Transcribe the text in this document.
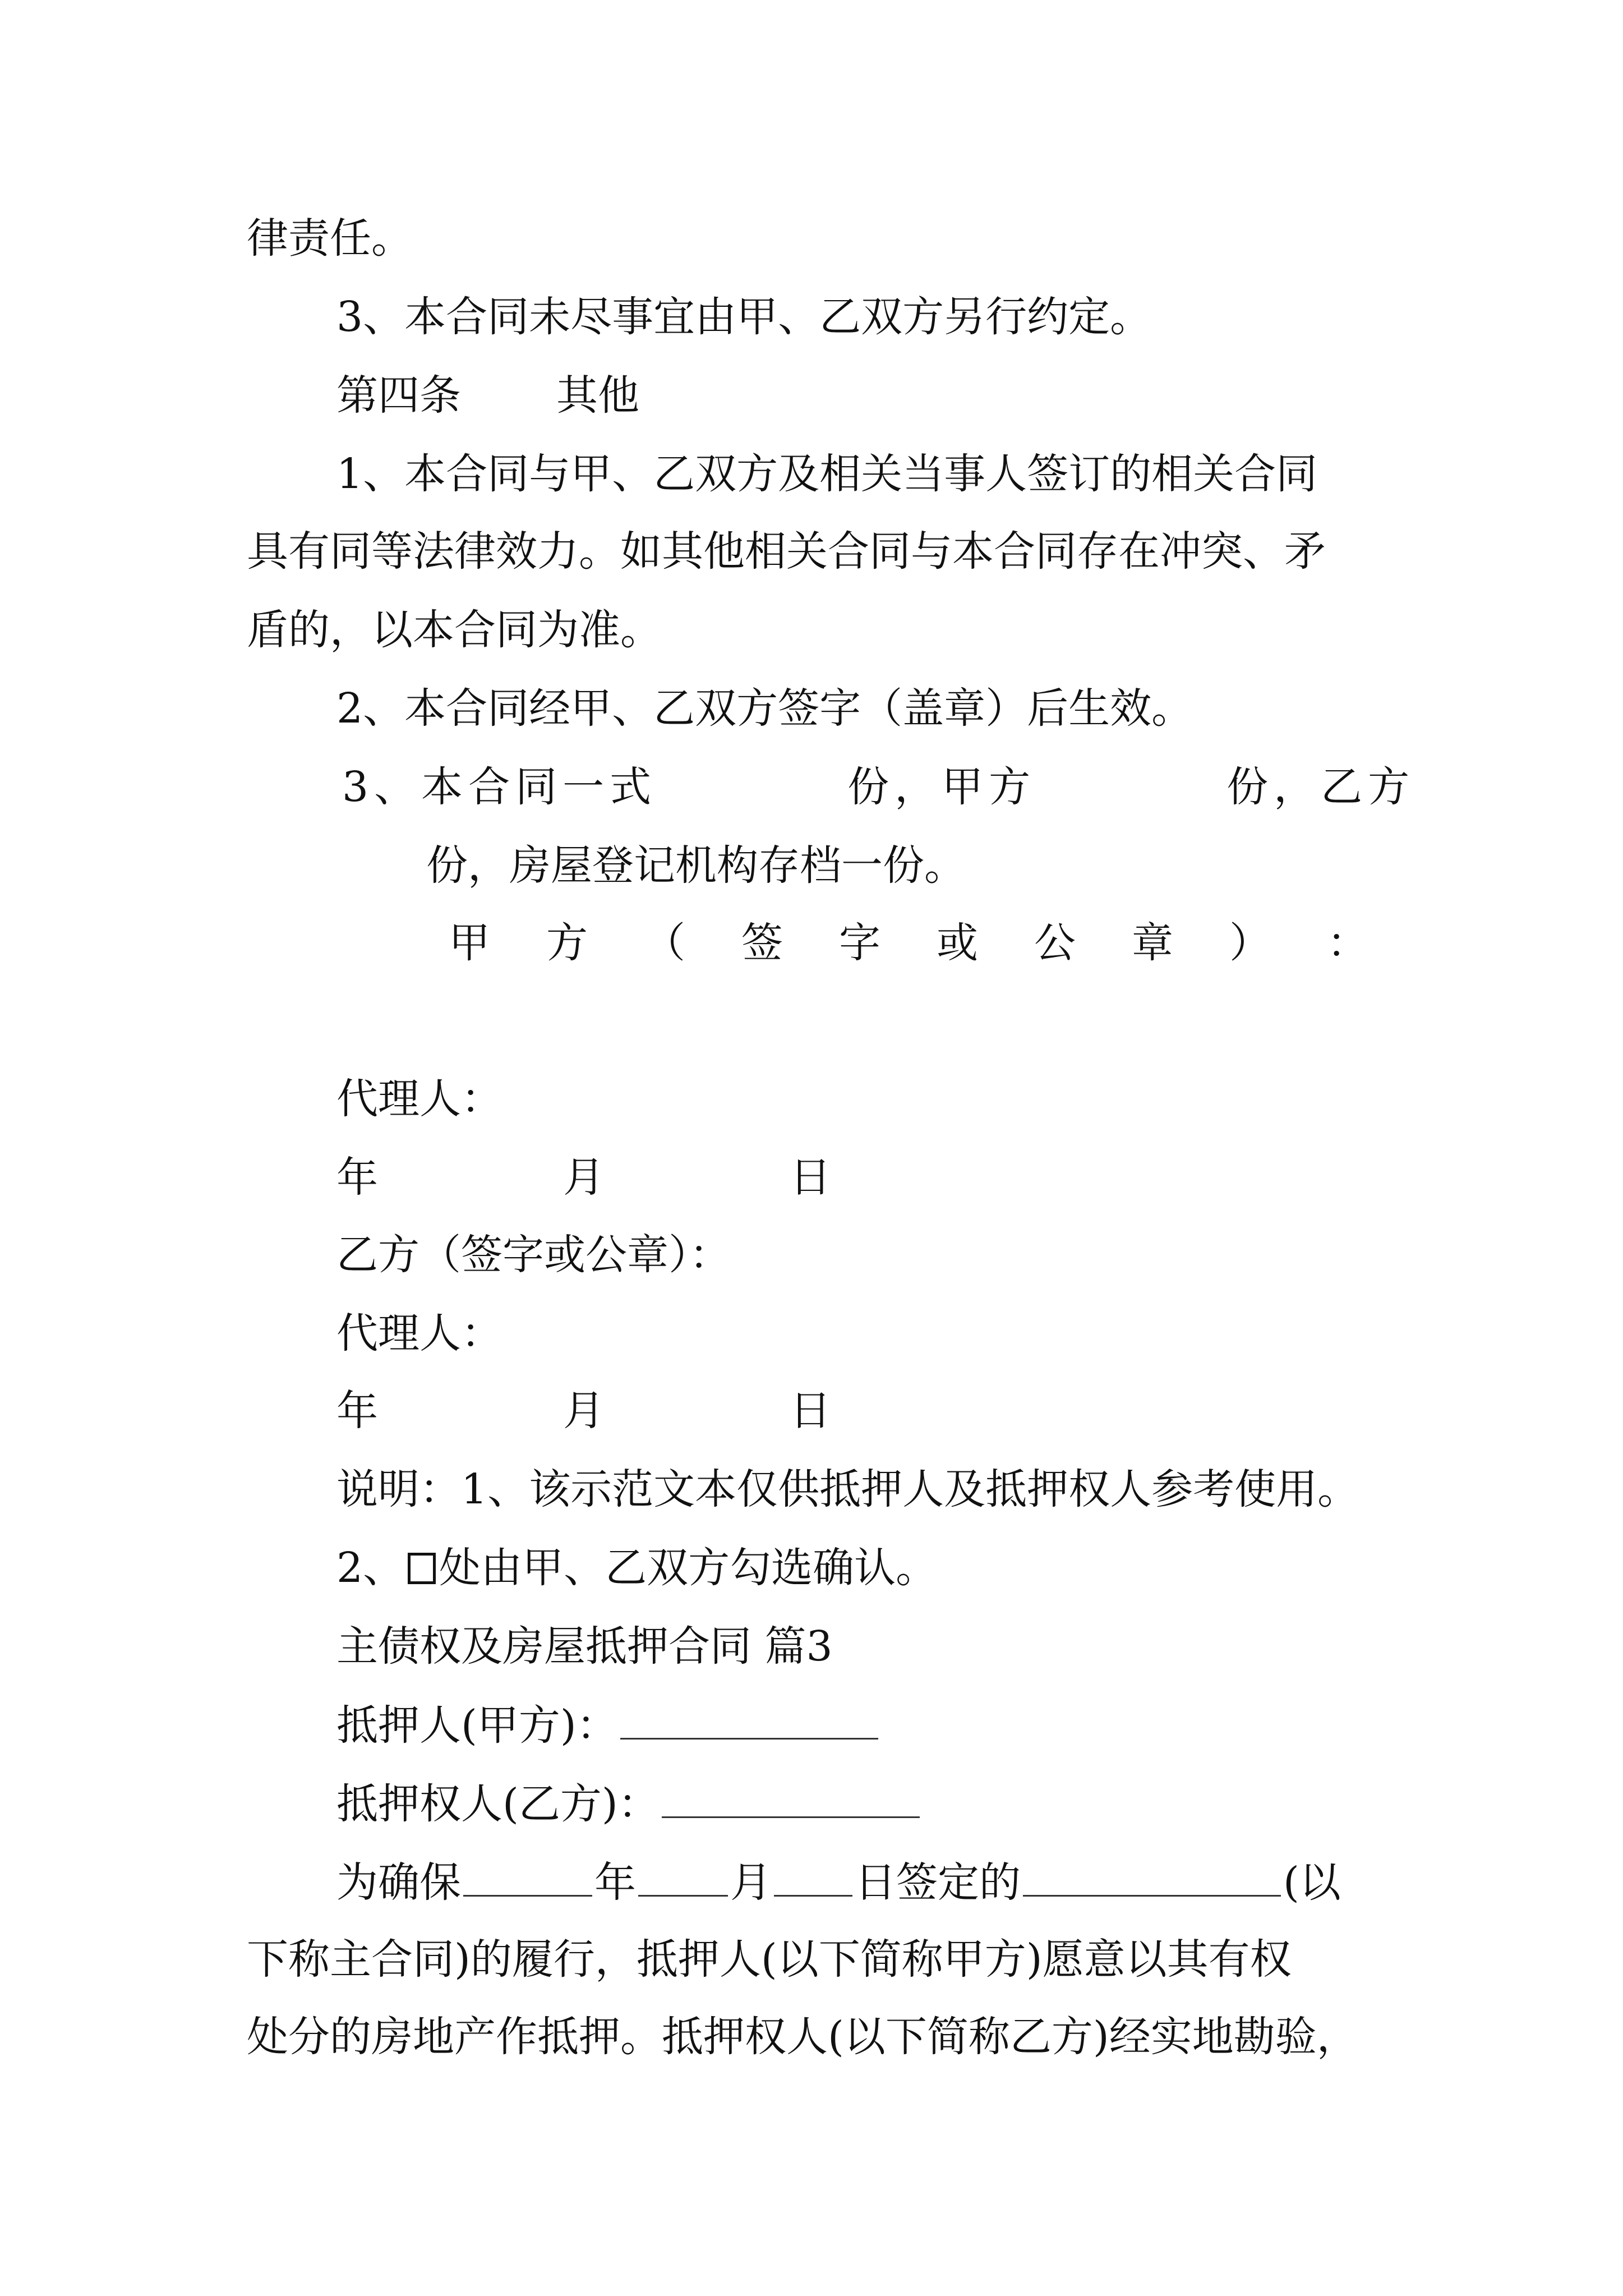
律责任。
3、本合同未尽事宜由甲、乙双方另行约定。
第四条 其他
1、本合同与甲、乙双方及相关当事人签订的相关合同
具有同等法律效力。如其他相关合同与本合同存在冲突、矛
盾的，以本合同为准。
2、本合同经甲、乙双方签字（盖章）后生效。
3、本合同一式	份，甲方	份，乙方
份，房屋登记机构存档一份。
甲 方 （ 签 字 或 公 章 ） ：
代理人：
年	月	日
乙方（签字或公章）：
代理人：
年	月	日
说明：1、该示范文本仅供抵押人及抵押权人参考使用。
2、 处由甲、乙双方勾选确认。
主债权及房屋抵押合同 篇3
抵押人(甲方)：
抵押权人(乙方)：
为确保	年 月 日签定的	(以
下称主合同)的履行，抵押人(以下简称甲方)愿意以其有权
处分的房地产作抵押。抵押权人(以下简称乙方)经实地勘验，
